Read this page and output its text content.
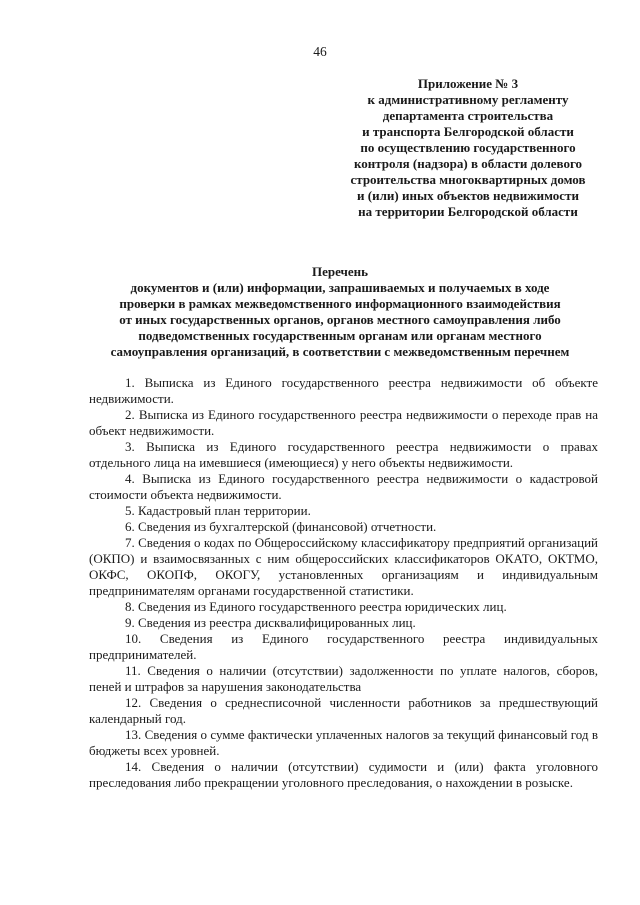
46
Приложение № 3
к административному регламенту
департамента строительства
и транспорта Белгородской области
по осуществлению государственного
контроля (надзора) в области долевого
строительства многоквартирных домов
и (или) иных объектов недвижимости
на территории Белгородской области
Перечень
документов и (или) информации, запрашиваемых и получаемых в ходе
проверки в рамках межведомственного информационного взаимодействия
от иных государственных органов, органов местного самоуправления либо
подведомственных государственным органам или органам местного
самоуправления организаций, в соответствии с межведомственным перечнем

1. Выписка из Единого государственного реестра недвижимости об объекте недвижимости.

2. Выписка из Единого государственного реестра недвижимости о переходе прав на объект недвижимости.

3. Выписка из Единого государственного реестра недвижимости о правах отдельного лица на имевшиеся (имеющиеся) у него объекты недвижимости.

4. Выписка из Единого государственного реестра недвижимости о кадастровой стоимости объекта недвижимости.

5. Кадастровый план территории.

6. Сведения из бухгалтерской (финансовой) отчетности.

7. Сведения о кодах по Общероссийскому классификатору предприятий организаций (ОКПО) и взаимосвязанных с ним общероссийских классификаторов ОКАТО, ОКТМО, ОКФС, ОКОПФ, ОКОГУ, установленных организациям и индивидуальным предпринимателям органами государственной статистики.

8. Сведения из Единого государственного реестра юридических лиц.

9. Сведения из реестра дисквалифицированных лиц.

10. Сведения из Единого государственного реестра индивидуальных предпринимателей.

11. Сведения о наличии (отсутствии) задолженности по уплате налогов, сборов, пеней и штрафов за нарушения законодательства

12. Сведения о среднесписочной численности работников за предшествующий календарный год.

13. Сведения о сумме фактически уплаченных налогов за текущий финансовый год в бюджеты всех уровней.

14. Сведения о наличии (отсутствии) судимости и (или) факта уголовного преследования либо прекращении уголовного преследования, о нахождении в розыске.
